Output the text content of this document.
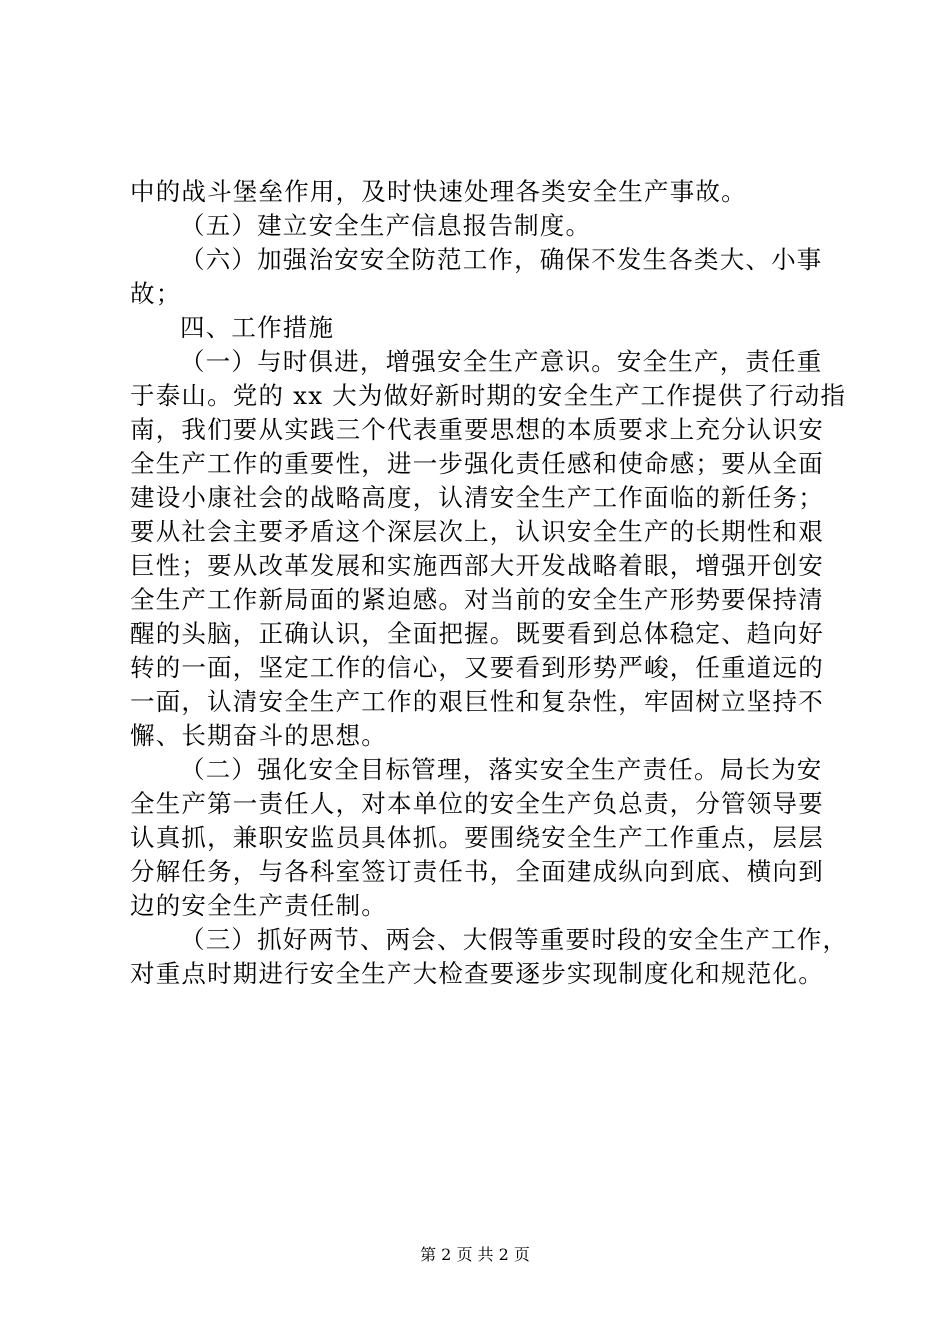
中的战斗堡垒作用，及时快速处理各类安全生产事故。
（五）建立安全生产信息报告制度。
（六）加强治安安全防范工作，确保不发生各类大、小事
故；
四、工作措施
（一）与时俱进，增强安全生产意识。安全生产，责任重
于泰山。党的 xx 大为做好新时期的安全生产工作提供了行动指
南，我们要从实践三个代表重要思想的本质要求上充分认识安
全生产工作的重要性，进一步强化责任感和使命感；要从全面
建设小康社会的战略高度，认清安全生产工作面临的新任务；
要从社会主要矛盾这个深层次上，认识安全生产的长期性和艰
巨性；要从改革发展和实施西部大开发战略着眼，增强开创安
全生产工作新局面的紧迫感。对当前的安全生产形势要保持清
醒的头脑，正确认识，全面把握。既要看到总体稳定、趋向好
转的一面，坚定工作的信心，又要看到形势严峻，任重道远的
一面，认清安全生产工作的艰巨性和复杂性，牢固树立坚持不
懈、长期奋斗的思想。
（二）强化安全目标管理，落实安全生产责任。局长为安
全生产第一责任人，对本单位的安全生产负总责，分管领导要
认真抓，兼职安监员具体抓。要围绕安全生产工作重点，层层
分解任务，与各科室签订责任书，全面建成纵向到底、横向到
边的安全生产责任制。
（三）抓好两节、两会、大假等重要时段的安全生产工作，
对重点时期进行安全生产大检查要逐步实现制度化和规范化。
第 2 页 共 2 页
